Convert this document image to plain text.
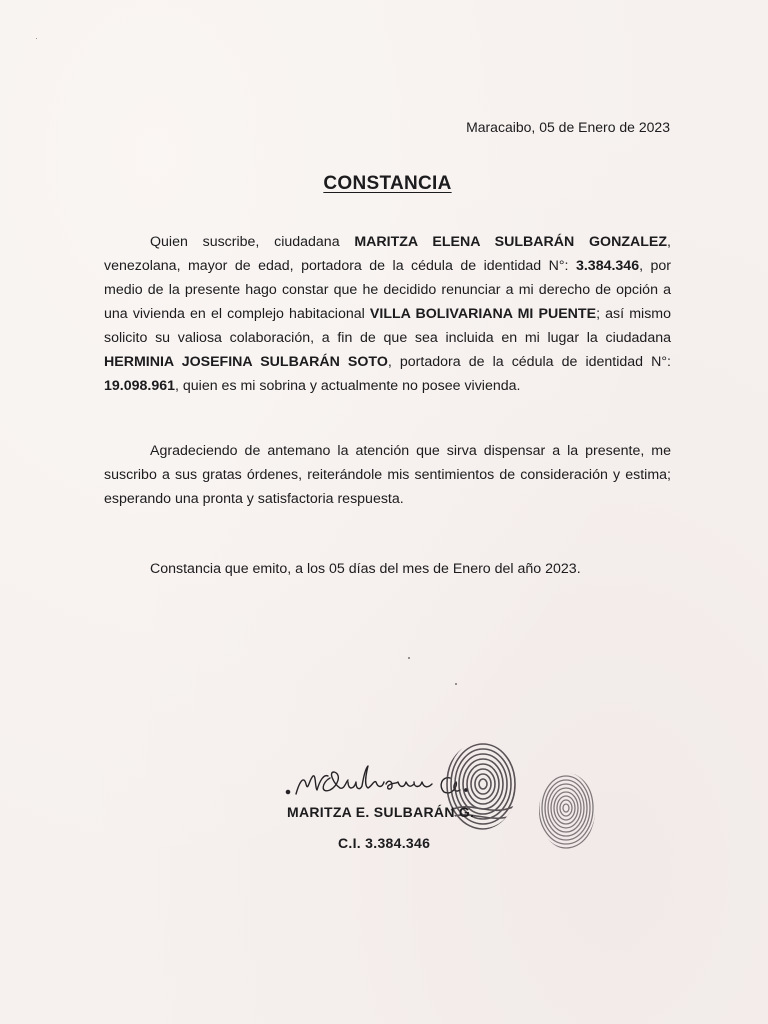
Maracaibo, 05 de Enero de 2023
CONSTANCIA

Quien suscribe, ciudadana MARITZA ELENA SULBARÁN GONZALEZ, venezolana, mayor de edad, portadora de la cédula de identidad N°: 3.384.346, por medio de la presente hago constar que he decidido renunciar a mi derecho de opción a una vivienda en el complejo habitacional VILLA BOLIVARIANA MI PUENTE; así mismo solicito su valiosa colaboración, a fin de que sea incluida en mi lugar la ciudadana HERMINIA JOSEFINA SULBARÁN SOTO, portadora de la cédula de identidad N°: 19.098.961, quien es mi sobrina y actualmente no posee vivienda.

Agradeciendo de antemano la atención que sirva dispensar a la presente, me suscribo a sus gratas órdenes, reiterándole mis sentimientos de consideración y estima; esperando una pronta y satisfactoria respuesta.

Constancia que emito, a los 05 días del mes de Enero del año 2023.

MARITZA E. SULBARÁN G.
C.I. 3.384.346
